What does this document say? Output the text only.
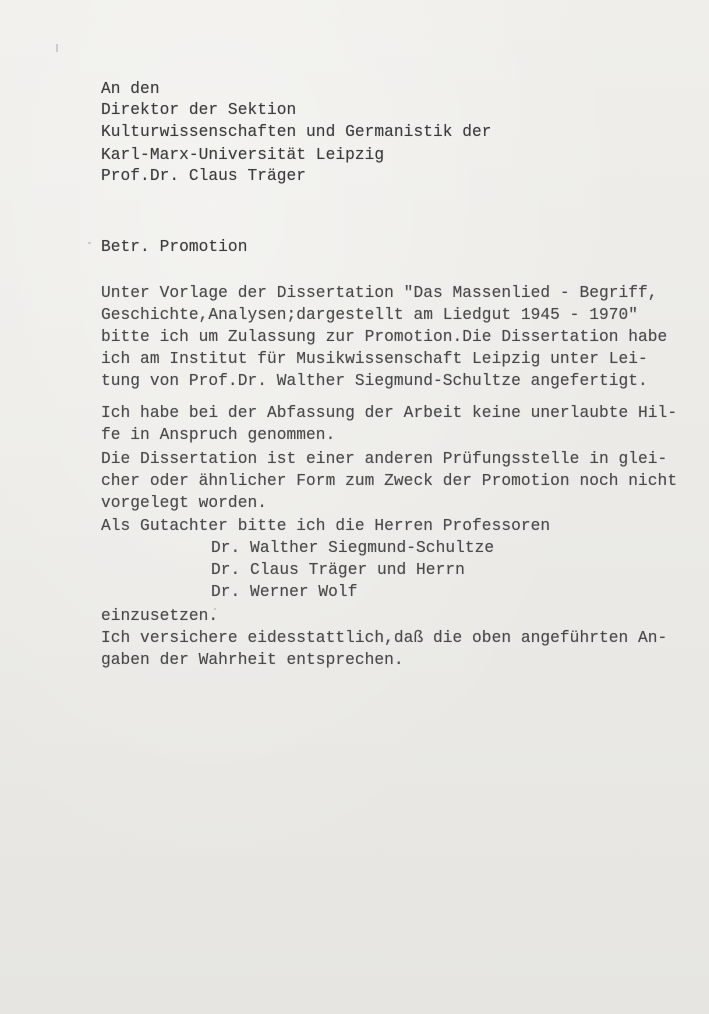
An den

Direktor der Sektion

Kulturwissenschaften und Germanistik der

Karl-Marx-Universität Leipzig

Prof.Dr. Claus Träger

Betr. Promotion

Unter Vorlage der Dissertation "Das Massenlied - Begriff,

Geschichte,Analysen;dargestellt am Liedgut 1945 - 1970"

bitte ich um Zulassung zur Promotion.Die Dissertation habe

ich am Institut für Musikwissenschaft Leipzig unter Lei-

tung von Prof.Dr. Walther Siegmund-Schultze angefertigt.

Ich habe bei der Abfassung der Arbeit keine unerlaubte Hil-

fe in Anspruch genommen.

Die Dissertation ist einer anderen Prüfungsstelle in glei-

cher oder ähnlicher Form zum Zweck der Promotion noch nicht

vorgelegt worden.

Als Gutachter bitte ich die Herren Professoren

Dr. Walther Siegmund-Schultze

Dr. Claus Träger und Herrn

Dr. Werner Wolf

einzusetzen.

Ich versichere eidesstattlich,daß die oben angeführten An-

gaben der Wahrheit entsprechen.
